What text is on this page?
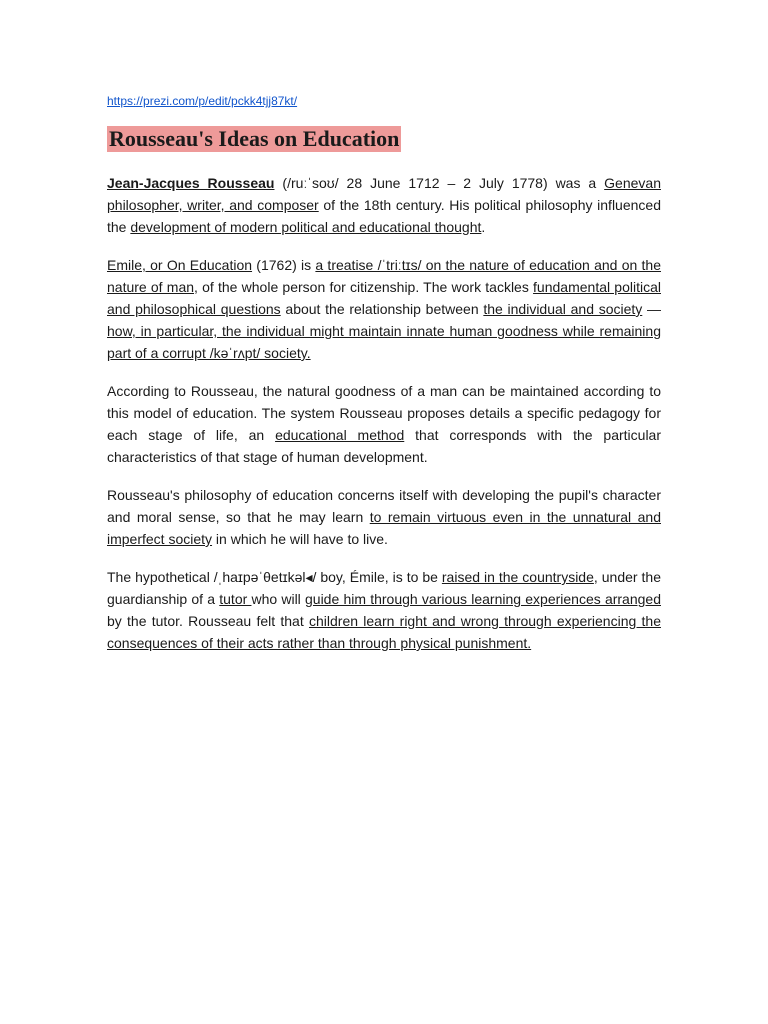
https://prezi.com/p/edit/pckk4tjj87kt/
Rousseau's Ideas on Education

Jean-Jacques Rousseau (/ruːˈsoʊ/ 28 June 1712 – 2 July 1778) was a Genevan philosopher, writer, and composer of the 18th century. His political philosophy influenced the development of modern political and educational thought.

Emile, or On Education (1762) is a treatise /ˈtriːtɪs/ on the nature of education and on the nature of man, of the whole person for citizenship. The work tackles fundamental political and philosophical questions about the relationship between the individual and society — how, in particular, the individual might maintain innate human goodness while remaining part of a corrupt /kəˈrʌpt/ society.

According to Rousseau, the natural goodness of a man can be maintained according to this model of education. The system Rousseau proposes details a specific pedagogy for each stage of life, an educational method that corresponds with the particular characteristics of that stage of human development.

Rousseau's philosophy of education concerns itself with developing the pupil's character and moral sense, so that he may learn to remain virtuous even in the unnatural and imperfect society in which he will have to live.

The hypothetical /ˌhaɪpəˈθetɪkəl◂/ boy, Émile, is to be raised in the countryside, under the guardianship of a tutor who will guide him through various learning experiences arranged by the tutor. Rousseau felt that children learn right and wrong through experiencing the consequences of their acts rather than through physical punishment.
